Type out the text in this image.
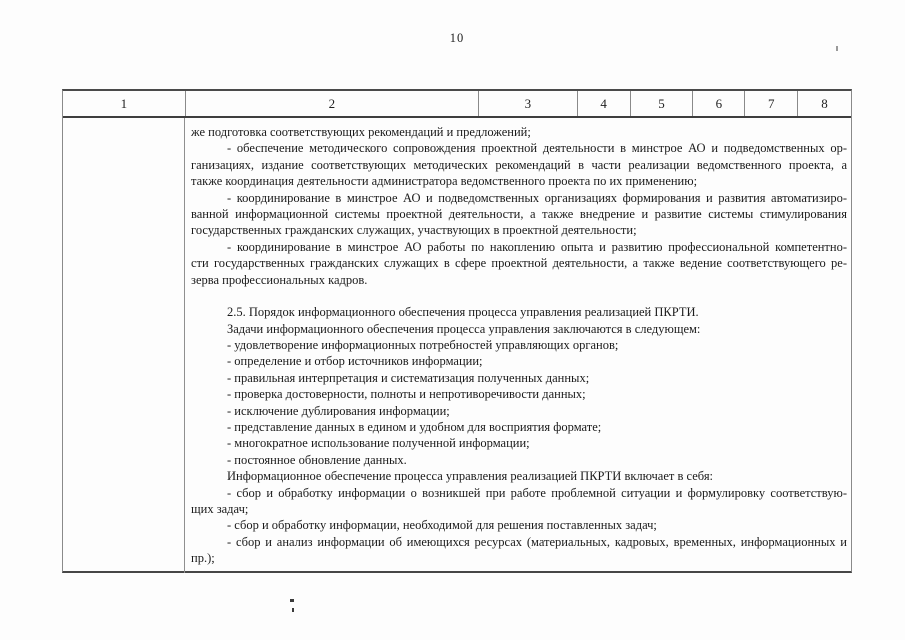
10
1	2	3	4	5	6	7	8
же подготовка соответствующих рекомендаций и предложений;
- обеспечение методического сопровождения проектной деятельности в минстрое АО и подведомственных ор-
ганизациях, издание соответствующих методических рекомендаций в части реализации ведомственного проекта, а
также координация деятельности администратора ведомственного проекта по их применению;
- координирование в минстрое АО и подведомственных организациях формирования и развития автоматизиро-
ванной информационной системы проектной деятельности, а также внедрение и развитие системы стимулирования
государственных гражданских служащих, участвующих в проектной деятельности;
- координирование в минстрое АО работы по накоплению опыта и развитию профессиональной компетентно-
сти государственных гражданских служащих в сфере проектной деятельности, а также ведение соответствующего ре-
зерва профессиональных кадров.
2.5. Порядок информационного обеспечения процесса управления реализацией ПКРТИ.
Задачи информационного обеспечения процесса управления заключаются в следующем:
- удовлетворение информационных потребностей управляющих органов;
- определение и отбор источников информации;
- правильная интерпретация и систематизация полученных данных;
- проверка достоверности, полноты и непротиворечивости данных;
- исключение дублирования информации;
- представление данных в едином и удобном для восприятия формате;
- многократное использование полученной информации;
- постоянное обновление данных.
Информационное обеспечение процесса управления реализацией ПКРТИ включает в себя:
- сбор и обработку информации о возникшей при работе проблемной ситуации и формулировку соответствую-
щих задач;
- сбор и обработку информации, необходимой для решения поставленных задач;
- сбор и анализ информации об имеющихся ресурсах (материальных, кадровых, временных, информационных и
пр.);
